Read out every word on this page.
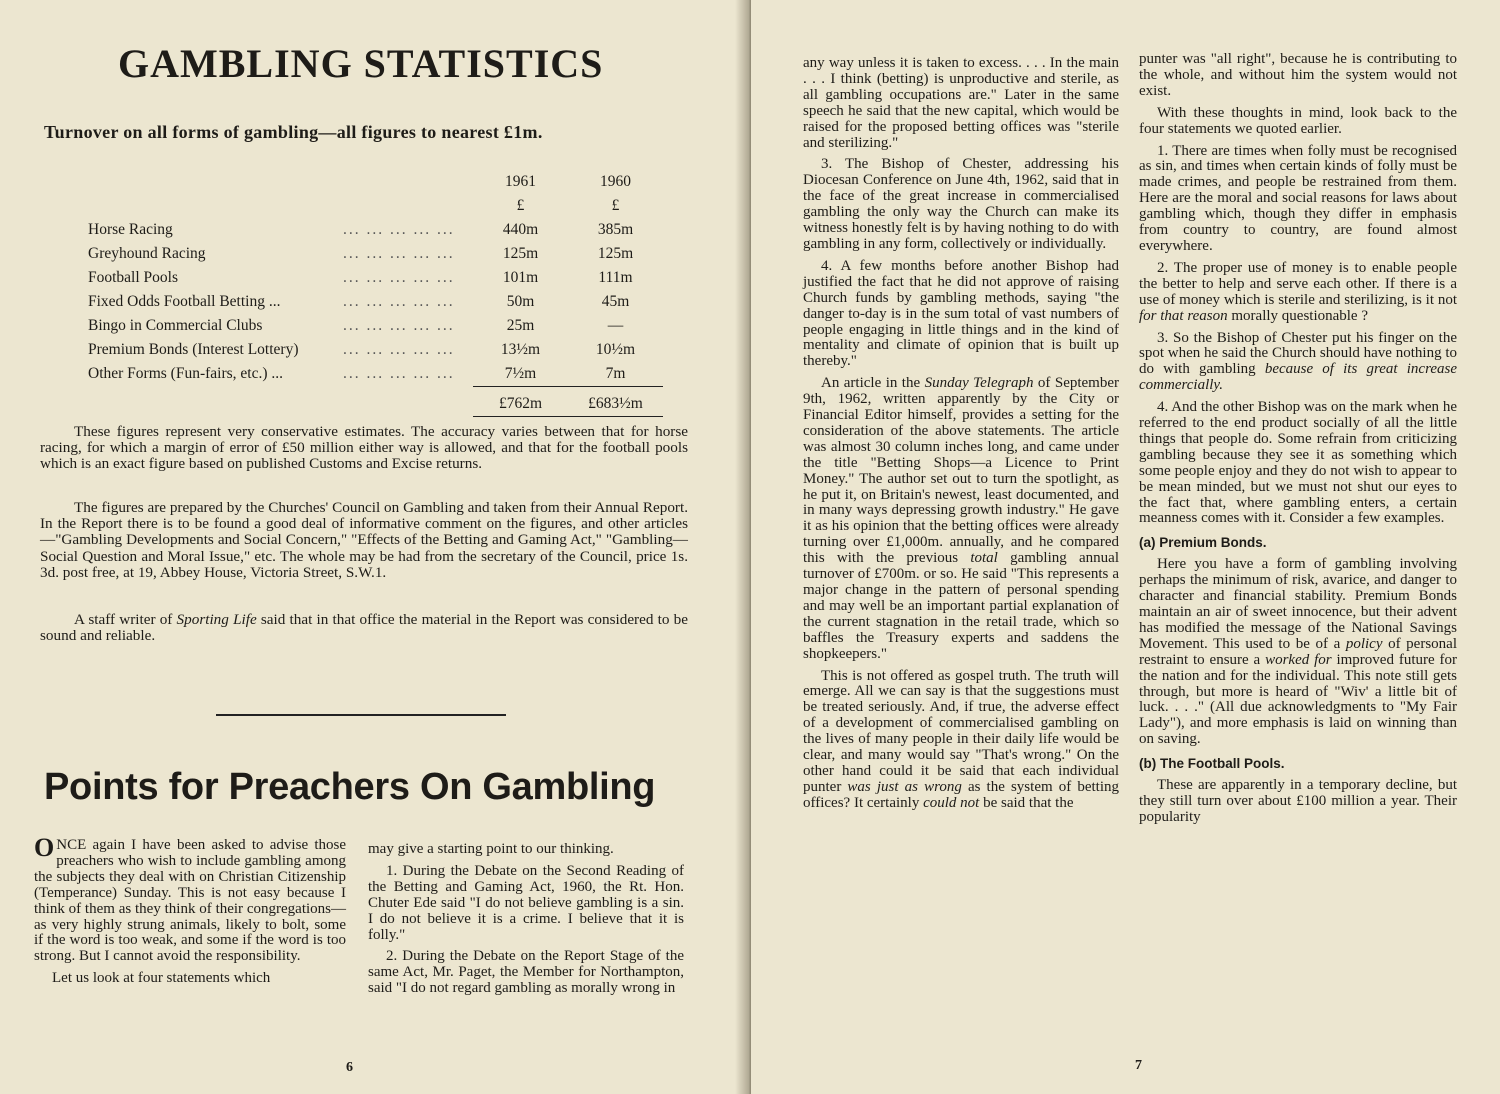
GAMBLING STATISTICS
Turnover on all forms of gambling—all figures to nearest £1m.
		1961	1960
		£	£
Horse Racing	... ... ... ... ...	440m	385m
Greyhound Racing	... ... ... ... ...	125m	125m
Football Pools	... ... ... ... ...	101m	111m
Fixed Odds Football Betting ...	... ... ... ... ...	50m	45m
Bingo in Commercial Clubs	... ... ... ... ...	25m	—
Premium Bonds (Interest Lottery)	... ... ... ... ...	13½m	10½m
Other Forms (Fun-fairs, etc.) ...	... ... ... ... ...	7½m	7m
		£762m	£683½m

These figures represent very conservative estimates. The accuracy varies between that for horse racing, for which a margin of error of £50 million either way is allowed, and that for the football pools which is an exact figure based on published Customs and Excise returns.

The figures are prepared by the Churches' Council on Gambling and taken from their Annual Report. In the Report there is to be found a good deal of informative comment on the figures, and other articles—"Gambling Developments and Social Concern," "Effects of the Betting and Gaming Act," "Gambling—Social Question and Moral Issue," etc. The whole may be had from the secretary of the Council, price 1s. 3d. post free, at 19, Abbey House, Victoria Street, S.W.1.

A staff writer of Sporting Life said that in that office the material in the Report was considered to be sound and reliable.

Points for Preachers On Gambling

ONCE again I have been asked to advise those preachers who wish to include gambling among the subjects they deal with on Christian Citizenship (Temperance) Sunday. This is not easy because I think of them as they think of their congregations—as very highly strung animals, likely to bolt, some if the word is too weak, and some if the word is too strong. But I cannot avoid the responsibility.

Let us look at four statements which

may give a starting point to our thinking.

1. During the Debate on the Second Reading of the Betting and Gaming Act, 1960, the Rt. Hon. Chuter Ede said "I do not believe gambling is a sin. I do not believe it is a crime. I believe that it is folly."

2. During the Debate on the Report Stage of the same Act, Mr. Paget, the Member for Northampton, said "I do not regard gambling as morally wrong in

6

any way unless it is taken to excess. . . . In the main . . . I think (betting) is unproductive and sterile, as all gambling occupations are." Later in the same speech he said that the new capital, which would be raised for the proposed betting offices was "sterile and sterilizing."

3. The Bishop of Chester, addressing his Diocesan Conference on June 4th, 1962, said that in the face of the great increase in commercialised gambling the only way the Church can make its witness honestly felt is by having nothing to do with gambling in any form, collectively or individually.

4. A few months before another Bishop had justified the fact that he did not approve of raising Church funds by gambling methods, saying "the danger to-day is in the sum total of vast numbers of people engaging in little things and in the kind of mentality and climate of opinion that is built up thereby."

An article in the Sunday Telegraph of September 9th, 1962, written apparently by the City or Financial Editor himself, provides a setting for the consideration of the above statements. The article was almost 30 column inches long, and came under the title "Betting Shops—a Licence to Print Money." The author set out to turn the spotlight, as he put it, on Britain's newest, least documented, and in many ways depressing growth industry." He gave it as his opinion that the betting offices were already turning over £1,000m. annually, and he compared this with the previous total gambling annual turnover of £700m. or so. He said "This represents a major change in the pattern of personal spending and may well be an important partial explanation of the current stagnation in the retail trade, which so baffles the Treasury experts and saddens the shopkeepers."

This is not offered as gospel truth. The truth will emerge. All we can say is that the suggestions must be treated seriously. And, if true, the adverse effect of a development of commercialised gambling on the lives of many people in their daily life would be clear, and many would say "That's wrong." On the other hand could it be said that each individual punter was just as wrong as the system of betting offices? It certainly could not be said that the

punter was "all right", because he is contributing to the whole, and without him the system would not exist.

With these thoughts in mind, look back to the four statements we quoted earlier.

1. There are times when folly must be recognised as sin, and times when certain kinds of folly must be made crimes, and people be restrained from them. Here are the moral and social reasons for laws about gambling which, though they differ in emphasis from country to country, are found almost everywhere.

2. The proper use of money is to enable people the better to help and serve each other. If there is a use of money which is sterile and sterilizing, is it not for that reason morally questionable ?

3. So the Bishop of Chester put his finger on the spot when he said the Church should have nothing to do with gambling because of its great increase commercially.

4. And the other Bishop was on the mark when he referred to the end product socially of all the little things that people do. Some refrain from criticizing gambling because they see it as something which some people enjoy and they do not wish to appear to be mean minded, but we must not shut our eyes to the fact that, where gambling enters, a certain meanness comes with it. Consider a few examples.

(a) Premium Bonds.

Here you have a form of gambling involving perhaps the minimum of risk, avarice, and danger to character and financial stability. Premium Bonds maintain an air of sweet innocence, but their advent has modified the message of the National Savings Movement. This used to be of a policy of personal restraint to ensure a worked for improved future for the nation and for the individual. This note still gets through, but more is heard of "Wiv' a little bit of luck. . . ." (All due acknowledgments to "My Fair Lady"), and more emphasis is laid on winning than on saving.

(b) The Football Pools.

These are apparently in a temporary decline, but they still turn over about £100 million a year. Their popularity

7
